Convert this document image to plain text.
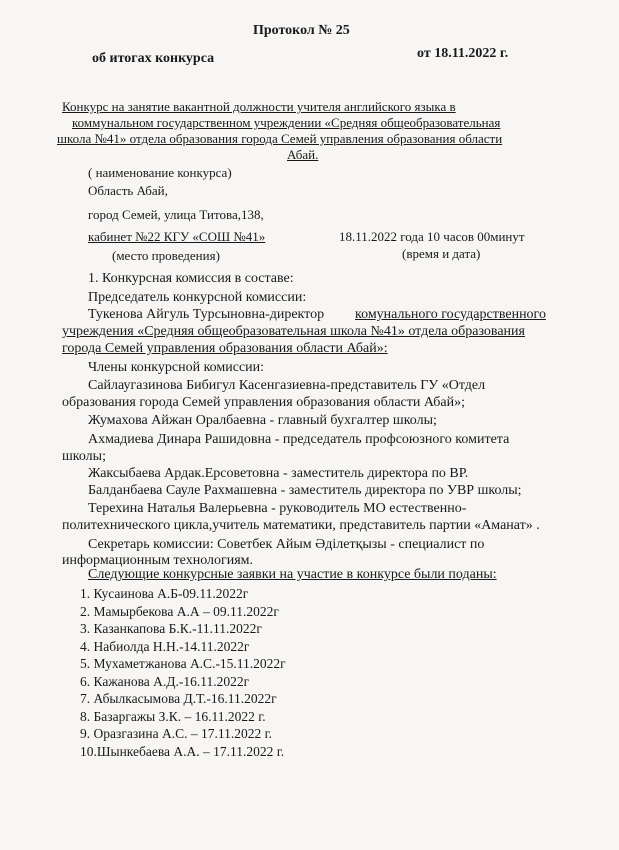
Протокол № 25
об итогах конкурса	от 18.11.2022 г.
Конкурс на занятие вакантной должности учителя английского языка в
коммунальном государственном учреждении «Средняя общеобразовательная
школа №41» отдела образования города Семей управления образования области
Абай.
( наименование конкурса)
Область Абай,
город Семей, улица Титова,138,
кабинет №22 КГУ «СОШ №41»	18.11.2022 года 10 часов 00минут
(место проведения)	(время и дата)
1. Конкурсная комиссия в составе:
Председатель конкурсной комиссии:
Тукенова Айгуль Турсыновна-директор комунального государственного
учреждения «Средняя общеобразовательная школа №41» отдела образования
города Семей управления образования области Абай»:
Члены конкурсной комиссии:
Сайлаугазинова Бибигул Касенгазиевна-представитель ГУ «Отдел
образования города Семей управления образования области Абай»;
Жумахова Айжан Оралбаевна - главный бухгалтер школы;
Ахмадиева Динара Рашидовна - председатель профсоюзного комитета
школы;
Жаксыбаева Ардак.Ерсоветовна - заместитель директора по ВР.
Балданбаева Сауле Рахмашевна - заместитель директора по УВР школы;
Терехина Наталья Валерьевна - руководитель МО естественно-
политехнического цикла,учитель математики, представитель партии «Аманат» .
Секретарь комиссии: Советбек Айым Әділетқызы - специалист по
информационным технологиям.
Следующие конкурсные заявки на участие в конкурсе были поданы:
1. Кусаинова А.Б-09.11.2022г
2. Мамырбекова А.А – 09.11.2022г
3. Казанкапова Б.К.-11.11.2022г
4. Набиолда Н.Н.-14.11.2022г
5. Мухаметжанова А.С.-15.11.2022г
6. Кажанова А.Д.-16.11.2022г
7. Абылкасымова Д.Т.-16.11.2022г
8. Базаргажы З.К. – 16.11.2022 г.
9. Оразгазина А.С. – 17.11.2022 г.
10.Шынкебаева А.А. – 17.11.2022 г.
